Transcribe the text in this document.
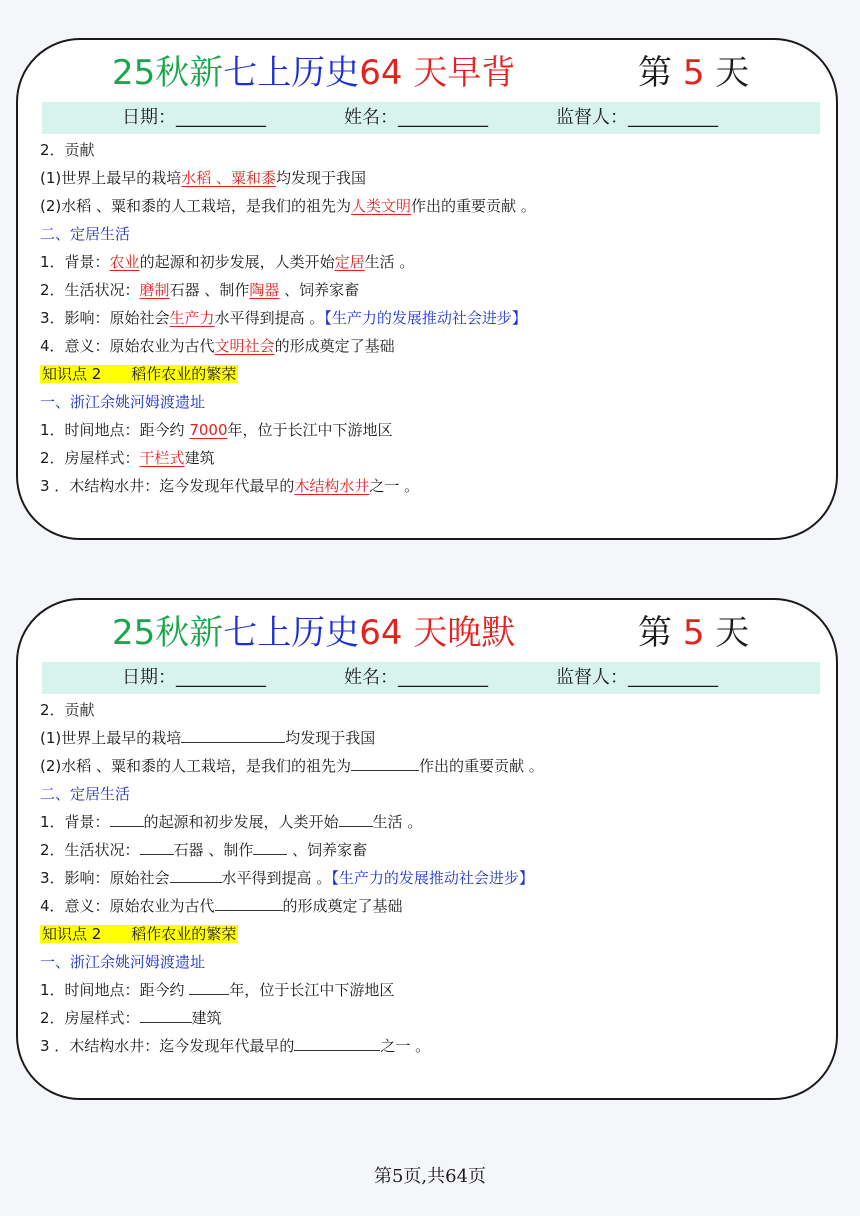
25秋新七上历史64 天早背	第 5 天
日期：__________	姓名：__________	监督人：__________
2．贡献
(1)世界上最早的栽培水稻 、粟和黍均发现于我国
(2)水稻 、粟和黍的人工栽培，是我们的祖先为人类文明作出的重要贡献 。
二、定居生活
1．背景：农业的起源和初步发展，人类开始定居生活 。
2．生活状况：磨制石器 、制作陶器 、饲养家畜
3．影响：原始社会生产力水平得到提高 。【生产力的发展推动社会进步】
4．意义：原始农业为古代文明社会的形成奠定了基础
知识点 2　　稻作农业的繁荣
一、浙江余姚河姆渡遗址
1．时间地点：距今约 7000年，位于长江中下游地区
2．房屋样式：干栏式建筑
3 ．木结构水井：迄今发现年代最早的木结构水井之一 。
25秋新七上历史64 天晚默	第 5 天
日期：__________	姓名：__________	监督人：__________
2．贡献
(1)世界上最早的栽培	均发现于我国
(2)水稻 、粟和黍的人工栽培，是我们的祖先为	作出的重要贡献 。
二、定居生活
1．背景： 的起源和初步发展，人类开始 生活 。
2．生活状况： 石器 、制作 、饲养家畜
3．影响：原始社会	水平得到提高 。【生产力的发展推动社会进步】
4．意义：原始农业为古代	的形成奠定了基础
知识点 2　　稻作农业的繁荣
一、浙江余姚河姆渡遗址
1．时间地点：距今约	年，位于长江中下游地区
2．房屋样式：	建筑
3 ．木结构水井：迄今发现年代最早的	之一 。
第5页,共64页
